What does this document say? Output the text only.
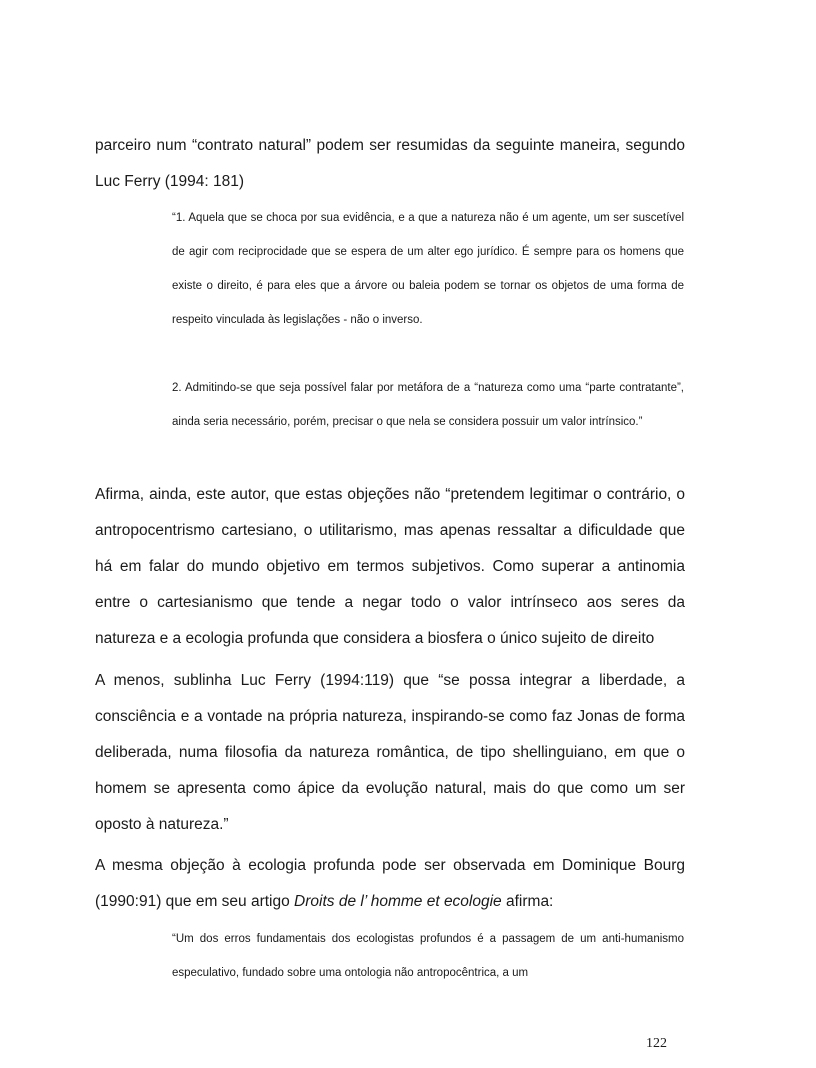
parceiro num “contrato natural” podem ser resumidas da seguinte maneira, segundo
Luc Ferry (1994: 181)

“1. Aquela que se choca por sua evidência, e a que a natureza não é um agente, um ser suscetível de agir com reciprocidade que se espera de um alter ego jurídico. É sempre para os homens que existe o direito, é para eles que a árvore ou baleia podem se tornar os objetos de uma forma de respeito vinculada às legislações - não o inverso.

2. Admitindo-se que seja possível falar por metáfora de a “natureza como uma “parte contratante”, ainda seria necessário, porém, precisar o que nela se considera possuir um valor intrínsico.”

Afirma, ainda, este autor, que estas objeções não “pretendem legitimar o contrário, o antropocentrismo cartesiano, o utilitarismo, mas apenas ressaltar a dificuldade que há em falar do mundo objetivo em termos subjetivos. Como superar a antinomia entre o cartesianismo que tende a negar todo o valor intrínseco aos seres da natureza e a ecologia profunda que considera a biosfera o único sujeito de direito

A menos, sublinha Luc Ferry (1994:119) que “se possa integrar a liberdade, a consciência e a vontade na própria natureza, inspirando-se como faz Jonas de forma deliberada, numa filosofia da natureza romântica, de tipo shellinguiano, em que o homem se apresenta como ápice da evolução natural, mais do que como um ser oposto à natureza.”

A mesma objeção à ecologia profunda pode ser observada em Dominique Bourg (1990:91) que em seu artigo Droits de l’ homme et ecologie afirma:

“Um dos erros fundamentais dos ecologistas profundos é a passagem de um anti-humanismo especulativo, fundado sobre uma ontologia não antropocêntrica, a um

122
